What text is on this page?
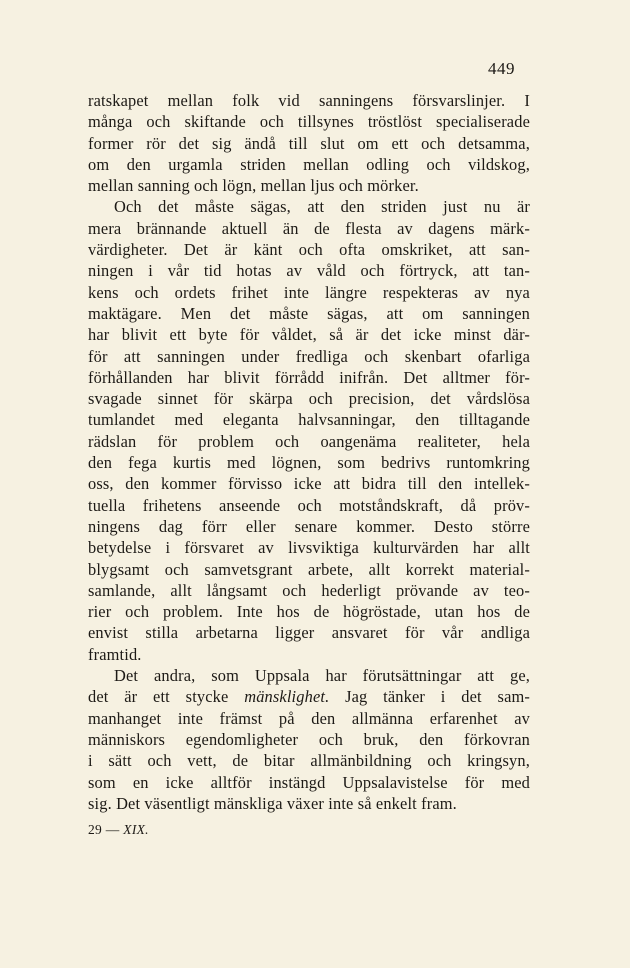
449
ratskapet mellan folk vid sanningens försvarslinjer. I
många och skiftande och tillsynes tröstlöst specialiserade
former rör det sig ändå till slut om ett och detsamma,
om den urgamla striden mellan odling och vildskog,
mellan sanning och lögn, mellan ljus och mörker.
Och det måste sägas, att den striden just nu är
mera brännande aktuell än de flesta av dagens märk-
värdigheter. Det är känt och ofta omskriket, att san-
ningen i vår tid hotas av våld och förtryck, att tan-
kens och ordets frihet inte längre respekteras av nya
maktägare. Men det måste sägas, att om sanningen
har blivit ett byte för våldet, så är det icke minst där-
för att sanningen under fredliga och skenbart ofarliga
förhållanden har blivit förrådd inifrån. Det alltmer för-
svagade sinnet för skärpa och precision, det vårdslösa
tumlandet med eleganta halvsanningar, den tilltagande
rädslan för problem och oangenäma realiteter, hela
den fega kurtis med lögnen, som bedrivs runtomkring
oss, den kommer förvisso icke att bidra till den intellek-
tuella frihetens anseende och motståndskraft, då pröv-
ningens dag förr eller senare kommer. Desto större
betydelse i försvaret av livsviktiga kulturvärden har allt
blygsamt och samvetsgrant arbete, allt korrekt material-
samlande, allt långsamt och hederligt prövande av teo-
rier och problem. Inte hos de högröstade, utan hos de
envist stilla arbetarna ligger ansvaret för vår andliga
framtid.
Det andra, som Uppsala har förutsättningar att ge,
det är ett stycke mänsklighet. Jag tänker i det sam-
manhanget inte främst på den allmänna erfarenhet av
människors egendomligheter och bruk, den förkovran
i sätt och vett, de bitar allmänbildning och kringsyn,
som en icke alltför instängd Uppsalavistelse för med
sig. Det väsentligt mänskliga växer inte så enkelt fram.
29 — XIX.
